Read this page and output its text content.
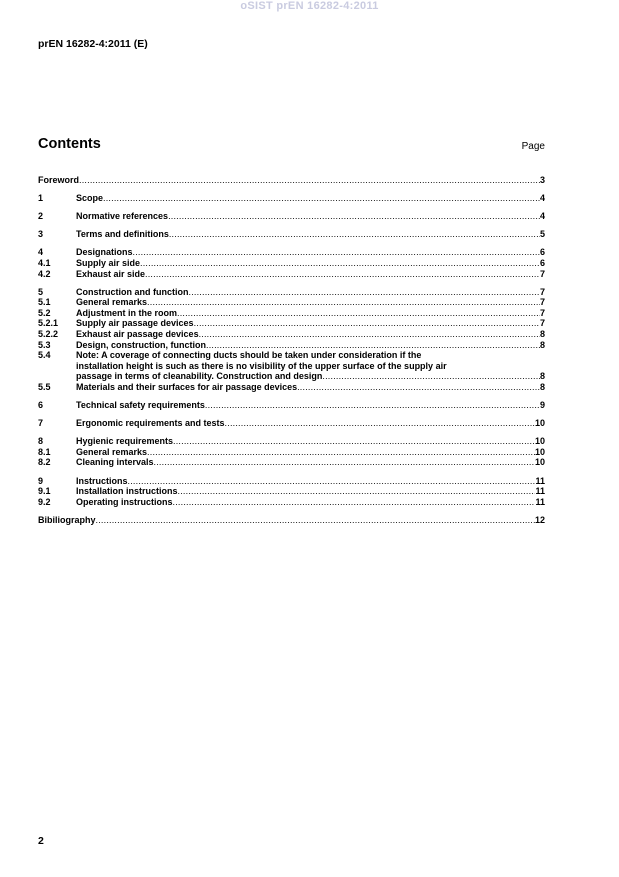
oSIST prEN 16282-4:2011
prEN 16282-4:2011 (E)
Contents	Page
Foreword .....	3
1	Scope .....	4
2	Normative references .....	4
3	Terms and definitions .....	5
4	Designations .....	6
4.1	Supply air side .....	6
4.2	Exhaust air side .....	7
5	Construction and function .....	7
5.1	General remarks .....	7
5.2	Adjustment in the room .....	7
5.2.1	Supply air passage devices .....	7
5.2.2	Exhaust air passage devices .....	8
5.3	Design, construction, function .....	8
5.4	Note: A coverage of connecting ducts should be taken under consideration if the
installation height is such as there is no visibility of the upper surface of the supply air
passage in terms of cleanability. Construction and design .....	8
5.5	Materials and their surfaces for air passage devices .....	8
6	Technical safety requirements .....	9
7	Ergonomic requirements and tests .....	10
8	Hygienic requirements .....	10
8.1	General remarks .....	10
8.2	Cleaning intervals .....	10
9	Instructions .....	11
9.1	Installation instructions .....	11
9.2	Operating instructions .....	11
Bibiliography .....	12
2
